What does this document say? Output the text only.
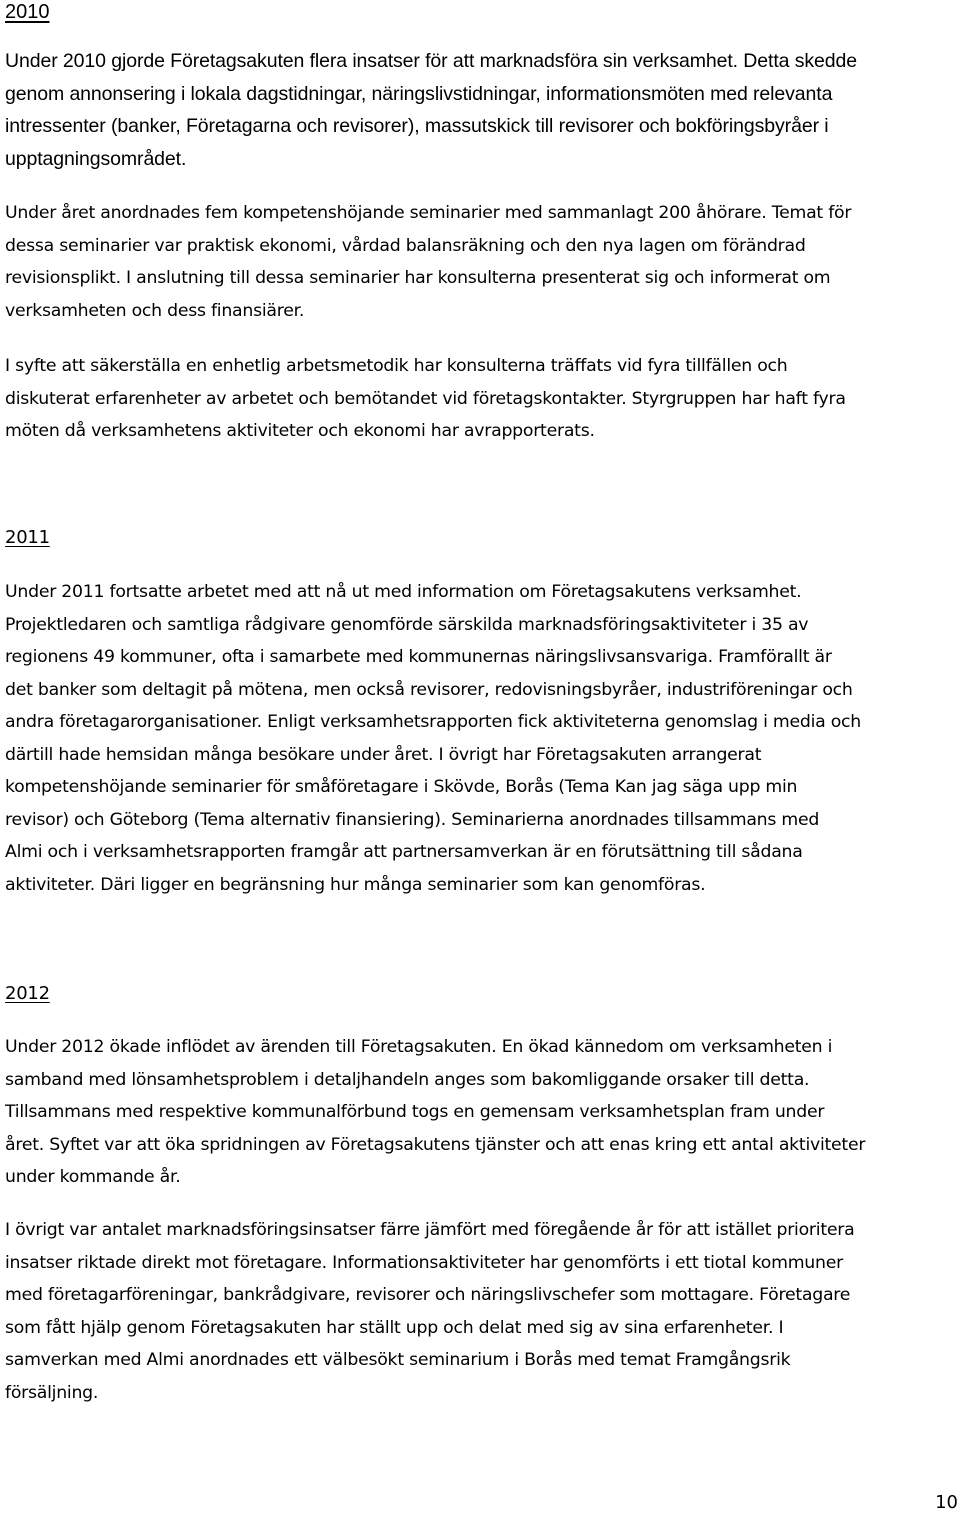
2010
Under 2010 gjorde Företagsakuten flera insatser för att marknadsföra sin verksamhet. Detta skedde
genom annonsering i lokala dagstidningar, näringslivstidningar, informationsmöten med relevanta
intressenter (banker, Företagarna och revisorer), massutskick till revisorer och bokföringsbyråer i
upptagningsområdet.
Under året anordnades fem kompetenshöjande seminarier med sammanlagt 200 åhörare. Temat för
dessa seminarier var praktisk ekonomi, vårdad balansräkning och den nya lagen om förändrad
revisionsplikt. I anslutning till dessa seminarier har konsulterna presenterat sig och informerat om
verksamheten och dess finansiärer.
I syfte att säkerställa en enhetlig arbetsmetodik har konsulterna träffats vid fyra tillfällen och
diskuterat erfarenheter av arbetet och bemötandet vid företagskontakter. Styrgruppen har haft fyra
möten då verksamhetens aktiviteter och ekonomi har avrapporterats.
2011
Under 2011 fortsatte arbetet med att nå ut med information om Företagsakutens verksamhet.
Projektledaren och samtliga rådgivare genomförde särskilda marknadsföringsaktiviteter i 35 av
regionens 49 kommuner, ofta i samarbete med kommunernas näringslivsansvariga. Framförallt är
det banker som deltagit på mötena, men också revisorer, redovisningsbyråer, industriföreningar och
andra företagarorganisationer. Enligt verksamhetsrapporten fick aktiviteterna genomslag i media och
därtill hade hemsidan många besökare under året. I övrigt har Företagsakuten arrangerat
kompetenshöjande seminarier för småföretagare i Skövde, Borås (Tema Kan jag säga upp min
revisor) och Göteborg (Tema alternativ finansiering). Seminarierna anordnades tillsammans med
Almi och i verksamhetsrapporten framgår att partnersamverkan är en förutsättning till sådana
aktiviteter. Däri ligger en begränsning hur många seminarier som kan genomföras.
2012
Under 2012 ökade inflödet av ärenden till Företagsakuten. En ökad kännedom om verksamheten i
samband med lönsamhetsproblem i detaljhandeln anges som bakomliggande orsaker till detta.
Tillsammans med respektive kommunalförbund togs en gemensam verksamhetsplan fram under
året. Syftet var att öka spridningen av Företagsakutens tjänster och att enas kring ett antal aktiviteter
under kommande år.
I övrigt var antalet marknadsföringsinsatser färre jämfört med föregående år för att istället prioritera
insatser riktade direkt mot företagare. Informationsaktiviteter har genomförts i ett tiotal kommuner
med företagarföreningar, bankrådgivare, revisorer och näringslivschefer som mottagare. Företagare
som fått hjälp genom Företagsakuten har ställt upp och delat med sig av sina erfarenheter. I
samverkan med Almi anordnades ett välbesökt seminarium i Borås med temat Framgångsrik
försäljning.
10
